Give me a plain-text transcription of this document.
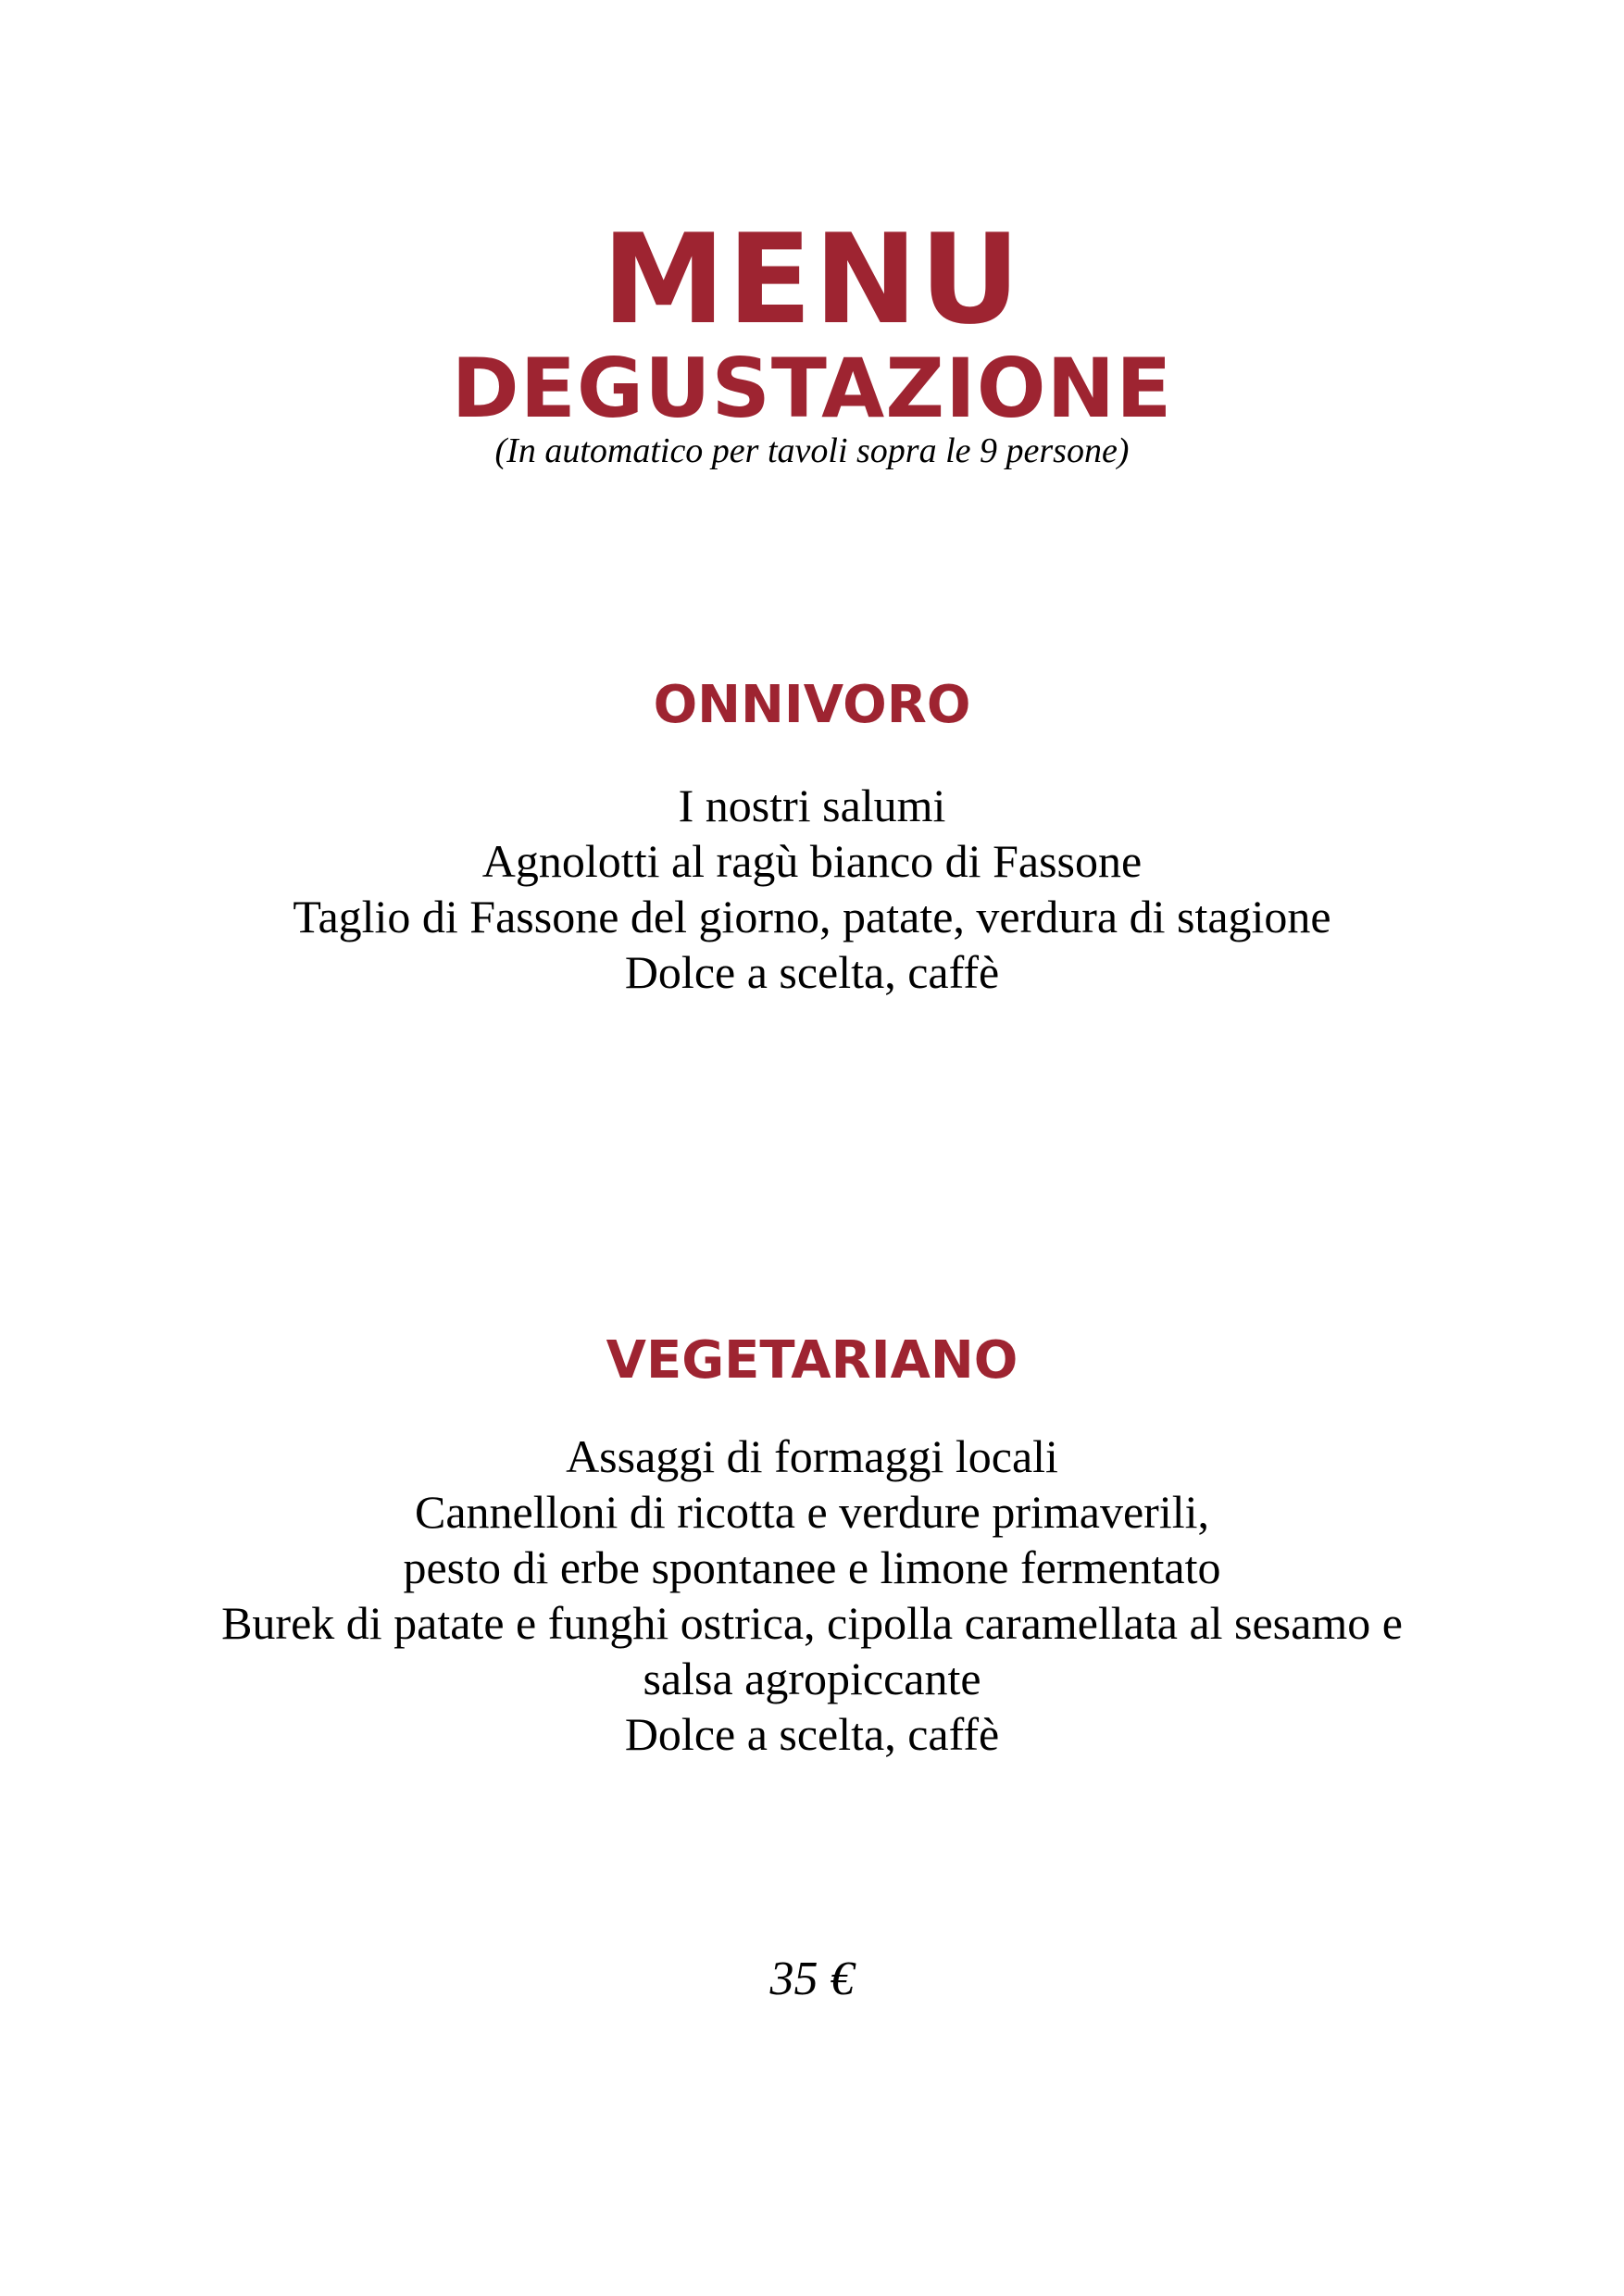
MENU
DEGUSTAZIONE

(In automatico per tavoli sopra le 9 persone)

ONNIVORO
I nostri salumi
Agnolotti al ragù bianco di Fassone
Taglio di Fassone del giorno, patate, verdura di stagione
Dolce a scelta, caffè
VEGETARIANO
Assaggi di formaggi locali
Cannelloni di ricotta e verdure primaverili,
pesto di erbe spontanee e limone fermentato
Burek di patate e funghi ostrica, cipolla caramellata al sesamo e
salsa agropiccante
Dolce a scelta, caffè

35 €
